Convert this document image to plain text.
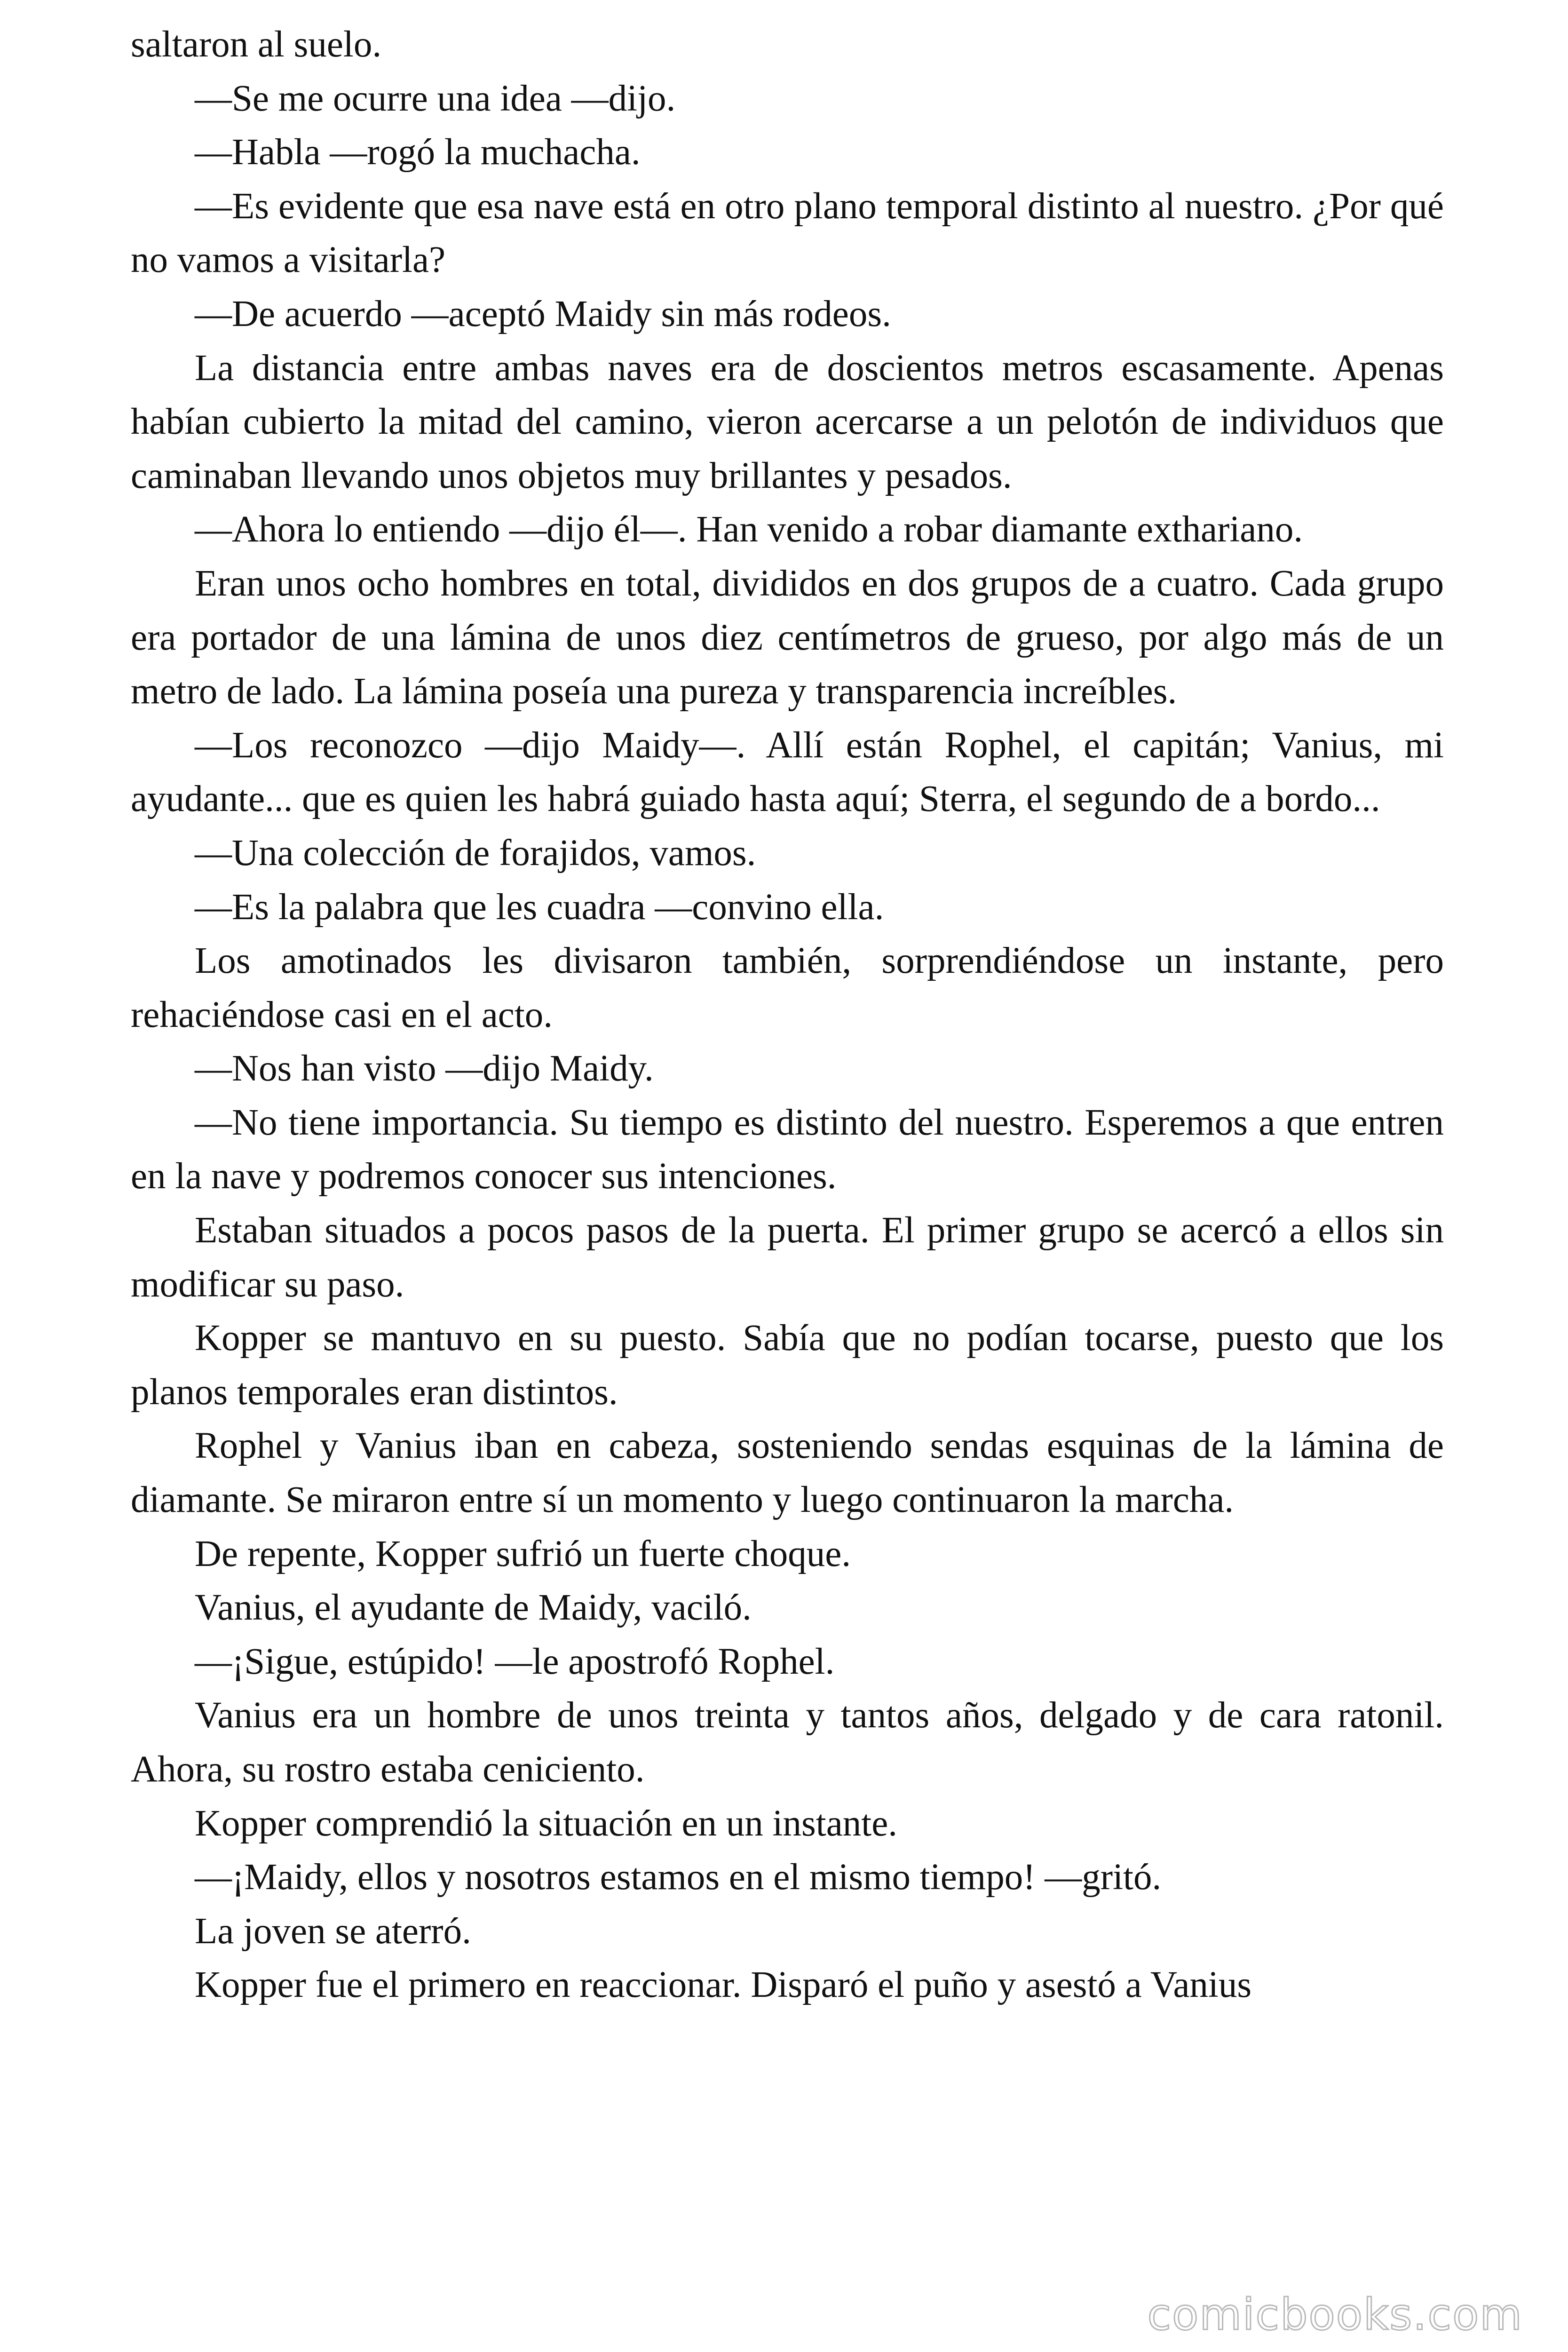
saltaron al suelo.

—Se me ocurre una idea —dijo.

—Habla —rogó la muchacha.

—Es evidente que esa nave está en otro plano temporal distinto al nuestro. ¿Por qué no vamos a visitarla?

—De acuerdo —aceptó Maidy sin más rodeos.

La distancia entre ambas naves era de doscientos metros escasamente. Apenas habían cubierto la mitad del camino, vieron acercarse a un pelotón de individuos que caminaban llevando unos objetos muy brillantes y pesados.

—Ahora lo entiendo —dijo él—. Han venido a robar diamante exthariano.

Eran unos ocho hombres en total, divididos en dos grupos de a cuatro. Cada grupo era portador de una lámina de unos diez centímetros de grueso, por algo más de un metro de lado. La lámina poseía una pureza y transparencia increíbles.

—Los reconozco —dijo Maidy—. Allí están Rophel, el capitán; Vanius, mi ayudante... que es quien les habrá guiado hasta aquí; Sterra, el segundo de a bordo...

—Una colección de forajidos, vamos.

—Es la palabra que les cuadra —convino ella.

Los amotinados les divisaron también, sorprendiéndose un instante, pero rehaciéndose casi en el acto.

—Nos han visto —dijo Maidy.

—No tiene importancia. Su tiempo es distinto del nuestro. Esperemos a que entren en la nave y podremos conocer sus intenciones.

Estaban situados a pocos pasos de la puerta. El primer grupo se acercó a ellos sin modificar su paso.

Kopper se mantuvo en su puesto. Sabía que no podían tocarse, puesto que los planos temporales eran distintos.

Rophel y Vanius iban en cabeza, sosteniendo sendas esquinas de la lámina de diamante. Se miraron entre sí un momento y luego continuaron la marcha.

De repente, Kopper sufrió un fuerte choque.

Vanius, el ayudante de Maidy, vaciló.

—¡Sigue, estúpido! —le apostrofó Rophel.

Vanius era un hombre de unos treinta y tantos años, delgado y de cara ratonil. Ahora, su rostro estaba ceniciento.

Kopper comprendió la situación en un instante.

—¡Maidy, ellos y nosotros estamos en el mismo tiempo! —gritó.

La joven se aterró.

Kopper fue el primero en reaccionar. Disparó el puño y asestó a Vanius

comicbooks.com
